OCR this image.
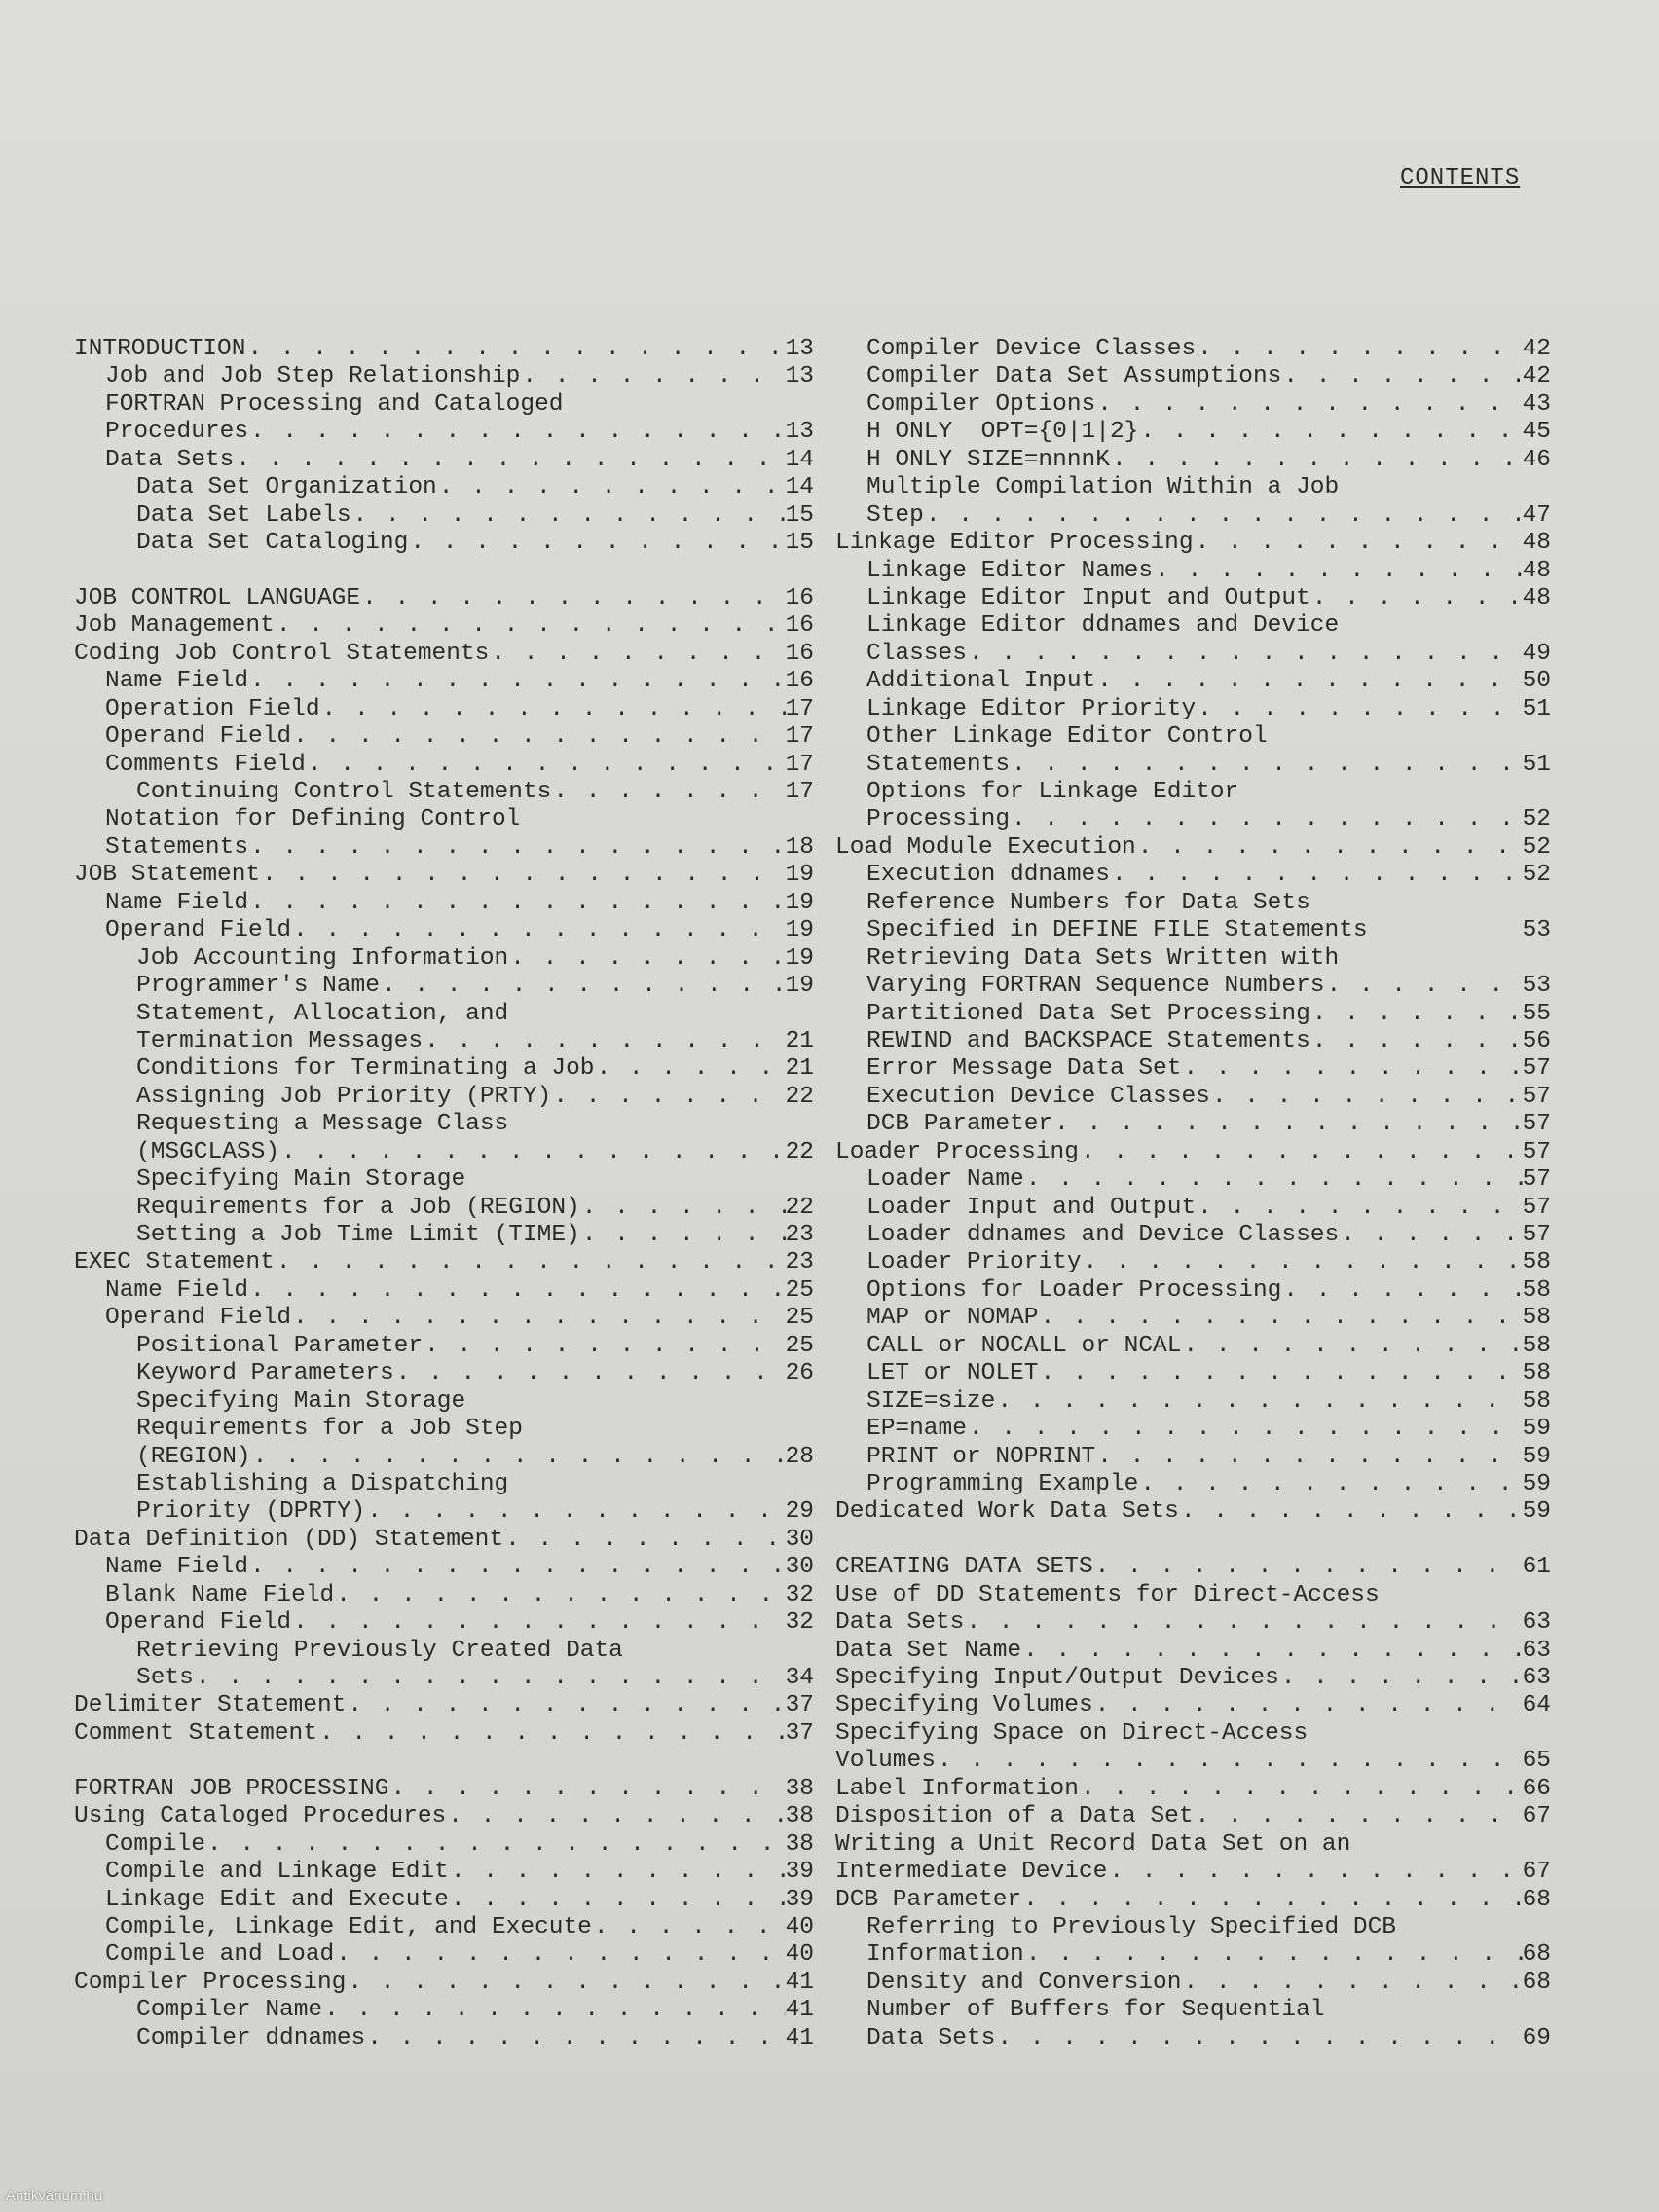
CONTENTS
INTRODUCTION . . .	13
Job and Job Step Relationship . . .	13
FORTRAN Processing and Cataloged
Procedures . . .	13
Data Sets . . .	14
Data Set Organization . . .	14
Data Set Labels . . .	15
Data Set Cataloging . . .	15
JOB CONTROL LANGUAGE . . .	16
Job Management . . .	16
Coding Job Control Statements . . .	16
Name Field . . .	16
Operation Field . . .	17
Operand Field . . .	17
Comments Field . . .	17
Continuing Control Statements . . .	17
Notation for Defining Control
Statements . . .	18
JOB Statement . . .	19
Name Field . . .	19
Operand Field . . .	19
Job Accounting Information . . .	19
Programmer's Name . . .	19
Statement, Allocation, and
Termination Messages . . .	21
Conditions for Terminating a Job . . .	21
Assigning Job Priority (PRTY) . . .	22
Requesting a Message Class
(MSGCLASS) . . .	22
Specifying Main Storage
Requirements for a Job (REGION) . . .	22
Setting a Job Time Limit (TIME) . . .	23
EXEC Statement . . .	23
Name Field . . .	25
Operand Field . . .	25
Positional Parameter . . .	25
Keyword Parameters . . .	26
Specifying Main Storage
Requirements for a Job Step
(REGION) . . .	28
Establishing a Dispatching
Priority (DPRTY) . . .	29
Data Definition (DD) Statement . . .	30
Name Field . . .	30
Blank Name Field . . .	32
Operand Field . . .	32
Retrieving Previously Created Data
Sets . . .	34
Delimiter Statement . . .	37
Comment Statement . . .	37
FORTRAN JOB PROCESSING . . .	38
Using Cataloged Procedures . . .	38
Compile . . .	38
Compile and Linkage Edit . . .	39
Linkage Edit and Execute . . .	39
Compile, Linkage Edit, and Execute . . .	40
Compile and Load . . .	40
Compiler Processing . . .	41
Compiler Name . . .	41
Compiler ddnames . . .	41
Compiler Device Classes . . .	42
Compiler Data Set Assumptions . . .	42
Compiler Options . . .	43
H ONLY  OPT={0|1|2} . . .	45
H ONLY SIZE=nnnnK . . .	46
Multiple Compilation Within a Job
Step . . .	47
Linkage Editor Processing . . .	48
Linkage Editor Names . . .	48
Linkage Editor Input and Output . . .	48
Linkage Editor ddnames and Device
Classes . . .	49
Additional Input . . .	50
Linkage Editor Priority . . .	51
Other Linkage Editor Control
Statements . . .	51
Options for Linkage Editor
Processing . . .	52
Load Module Execution . . .	52
Execution ddnames . . .	52
Reference Numbers for Data Sets
Specified in DEFINE FILE Statements	53
Retrieving Data Sets Written with
Varying FORTRAN Sequence Numbers . . .	53
Partitioned Data Set Processing . . .	55
REWIND and BACKSPACE Statements . . .	56
Error Message Data Set . . .	57
Execution Device Classes . . .	57
DCB Parameter . . .	57
Loader Processing . . .	57
Loader Name . . .	57
Loader Input and Output . . .	57
Loader ddnames and Device Classes . . .	57
Loader Priority . . .	58
Options for Loader Processing . . .	58
MAP or NOMAP . . .	58
CALL or NOCALL or NCAL . . .	58
LET or NOLET . . .	58
SIZE=size . . .	58
EP=name . . .	59
PRINT or NOPRINT . . .	59
Programming Example . . .	59
Dedicated Work Data Sets . . .	59
CREATING DATA SETS . . .	61
Use of DD Statements for Direct-Access
Data Sets . . .	63
Data Set Name . . .	63
Specifying Input/Output Devices . . .	63
Specifying Volumes . . .	64
Specifying Space on Direct-Access
Volumes . . .	65
Label Information . . .	66
Disposition of a Data Set . . .	67
Writing a Unit Record Data Set on an
Intermediate Device . . .	67
DCB Parameter . . .	68
Referring to Previously Specified DCB
Information . . .	68
Density and Conversion . . .	68
Number of Buffers for Sequential
Data Sets . . .	69
Antikvárium.hu
